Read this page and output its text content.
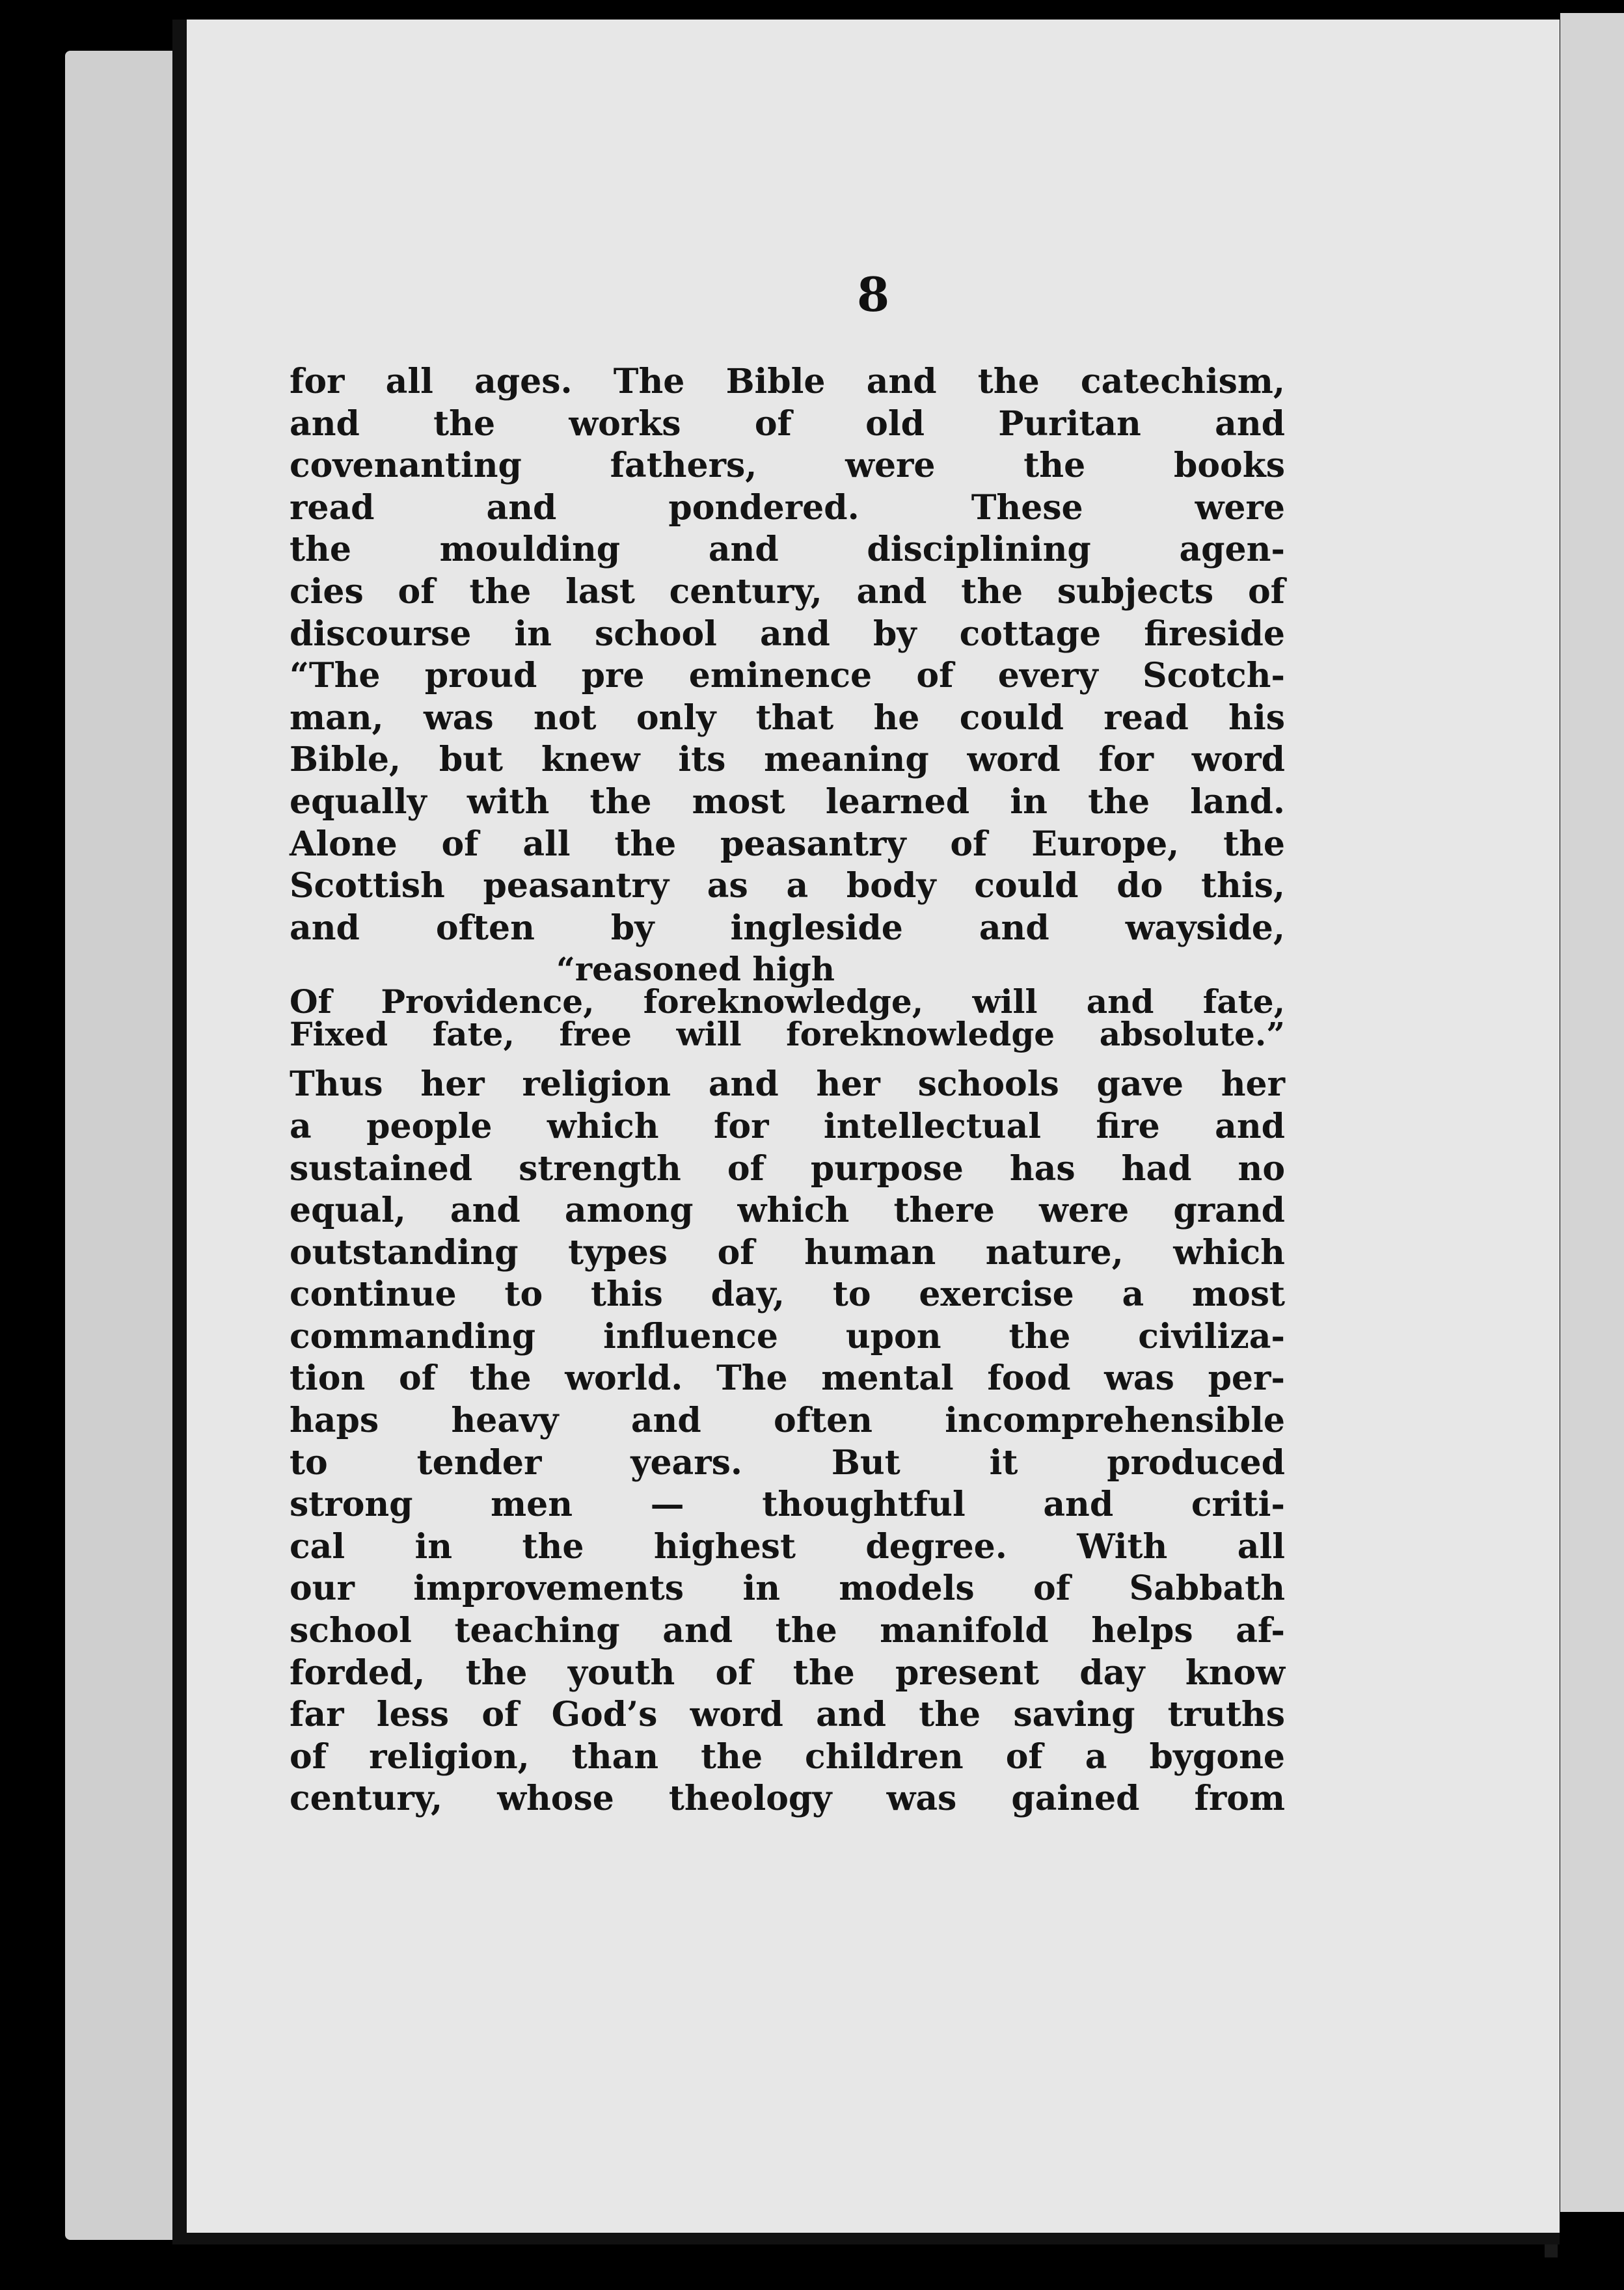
8
for all ages. The Bible and the catechism,
and the works of old Puritan and
covenanting fathers, were the books
read and pondered. These were
the moulding and disciplining agen-
cies of the last century, and the subjects of
discourse in school and by cottage fireside
“The proud pre eminence of every Scotch-
man, was not only that he could read his
Bible, but knew its meaning word for word
equally with the most learned in the land.
Alone of all the peasantry of Europe, the
Scottish peasantry as a body could do this,
and often by ingleside and wayside,
“reasoned high
Of Providence, foreknowledge, will and fate,
Fixed fate, free will foreknowledge absolute.”
Thus her religion and her schools gave her
a people which for intellectual fire and
sustained strength of purpose has had no
equal, and among which there were grand
outstanding types of human nature, which
continue to this day, to exercise a most
commanding influence upon the civiliza-
tion of the world. The mental food was per-
haps heavy and often incomprehensible
to tender years. But it produced
strong men — thoughtful and criti-
cal in the highest degree. With all
our improvements in models of Sabbath
school teaching and the manifold helps af-
forded, the youth of the present day know
far less of God’s word and the saving truths
of religion, than the children of a bygone
century, whose theology was gained from
